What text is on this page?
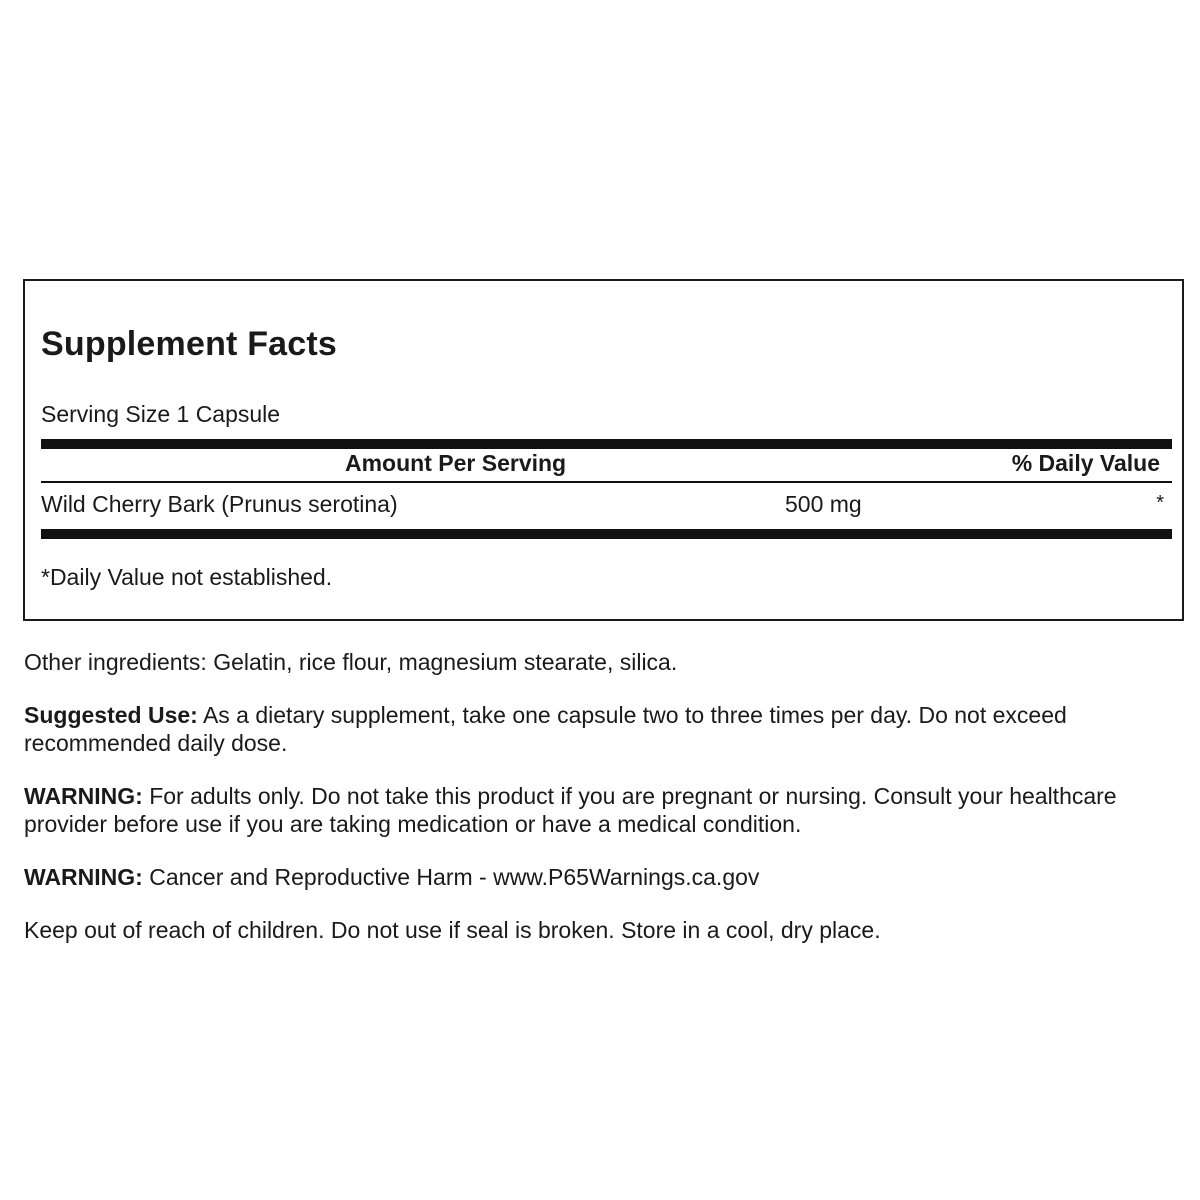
Supplement Facts
Serving Size 1 Capsule
Amount Per Serving	% Daily Value
Wild Cherry Bark (Prunus serotina)	500 mg	*
*Daily Value not established.

Other ingredients: Gelatin, rice flour, magnesium stearate, silica.

Suggested Use: As a dietary supplement, take one capsule two to three times per day. Do not exceed recommended daily dose.

WARNING: For adults only. Do not take this product if you are pregnant or nursing. Consult your healthcare provider before use if you are taking medication or have a medical condition.

WARNING: Cancer and Reproductive Harm - www.P65Warnings.ca.gov

Keep out of reach of children. Do not use if seal is broken. Store in a cool, dry place.
